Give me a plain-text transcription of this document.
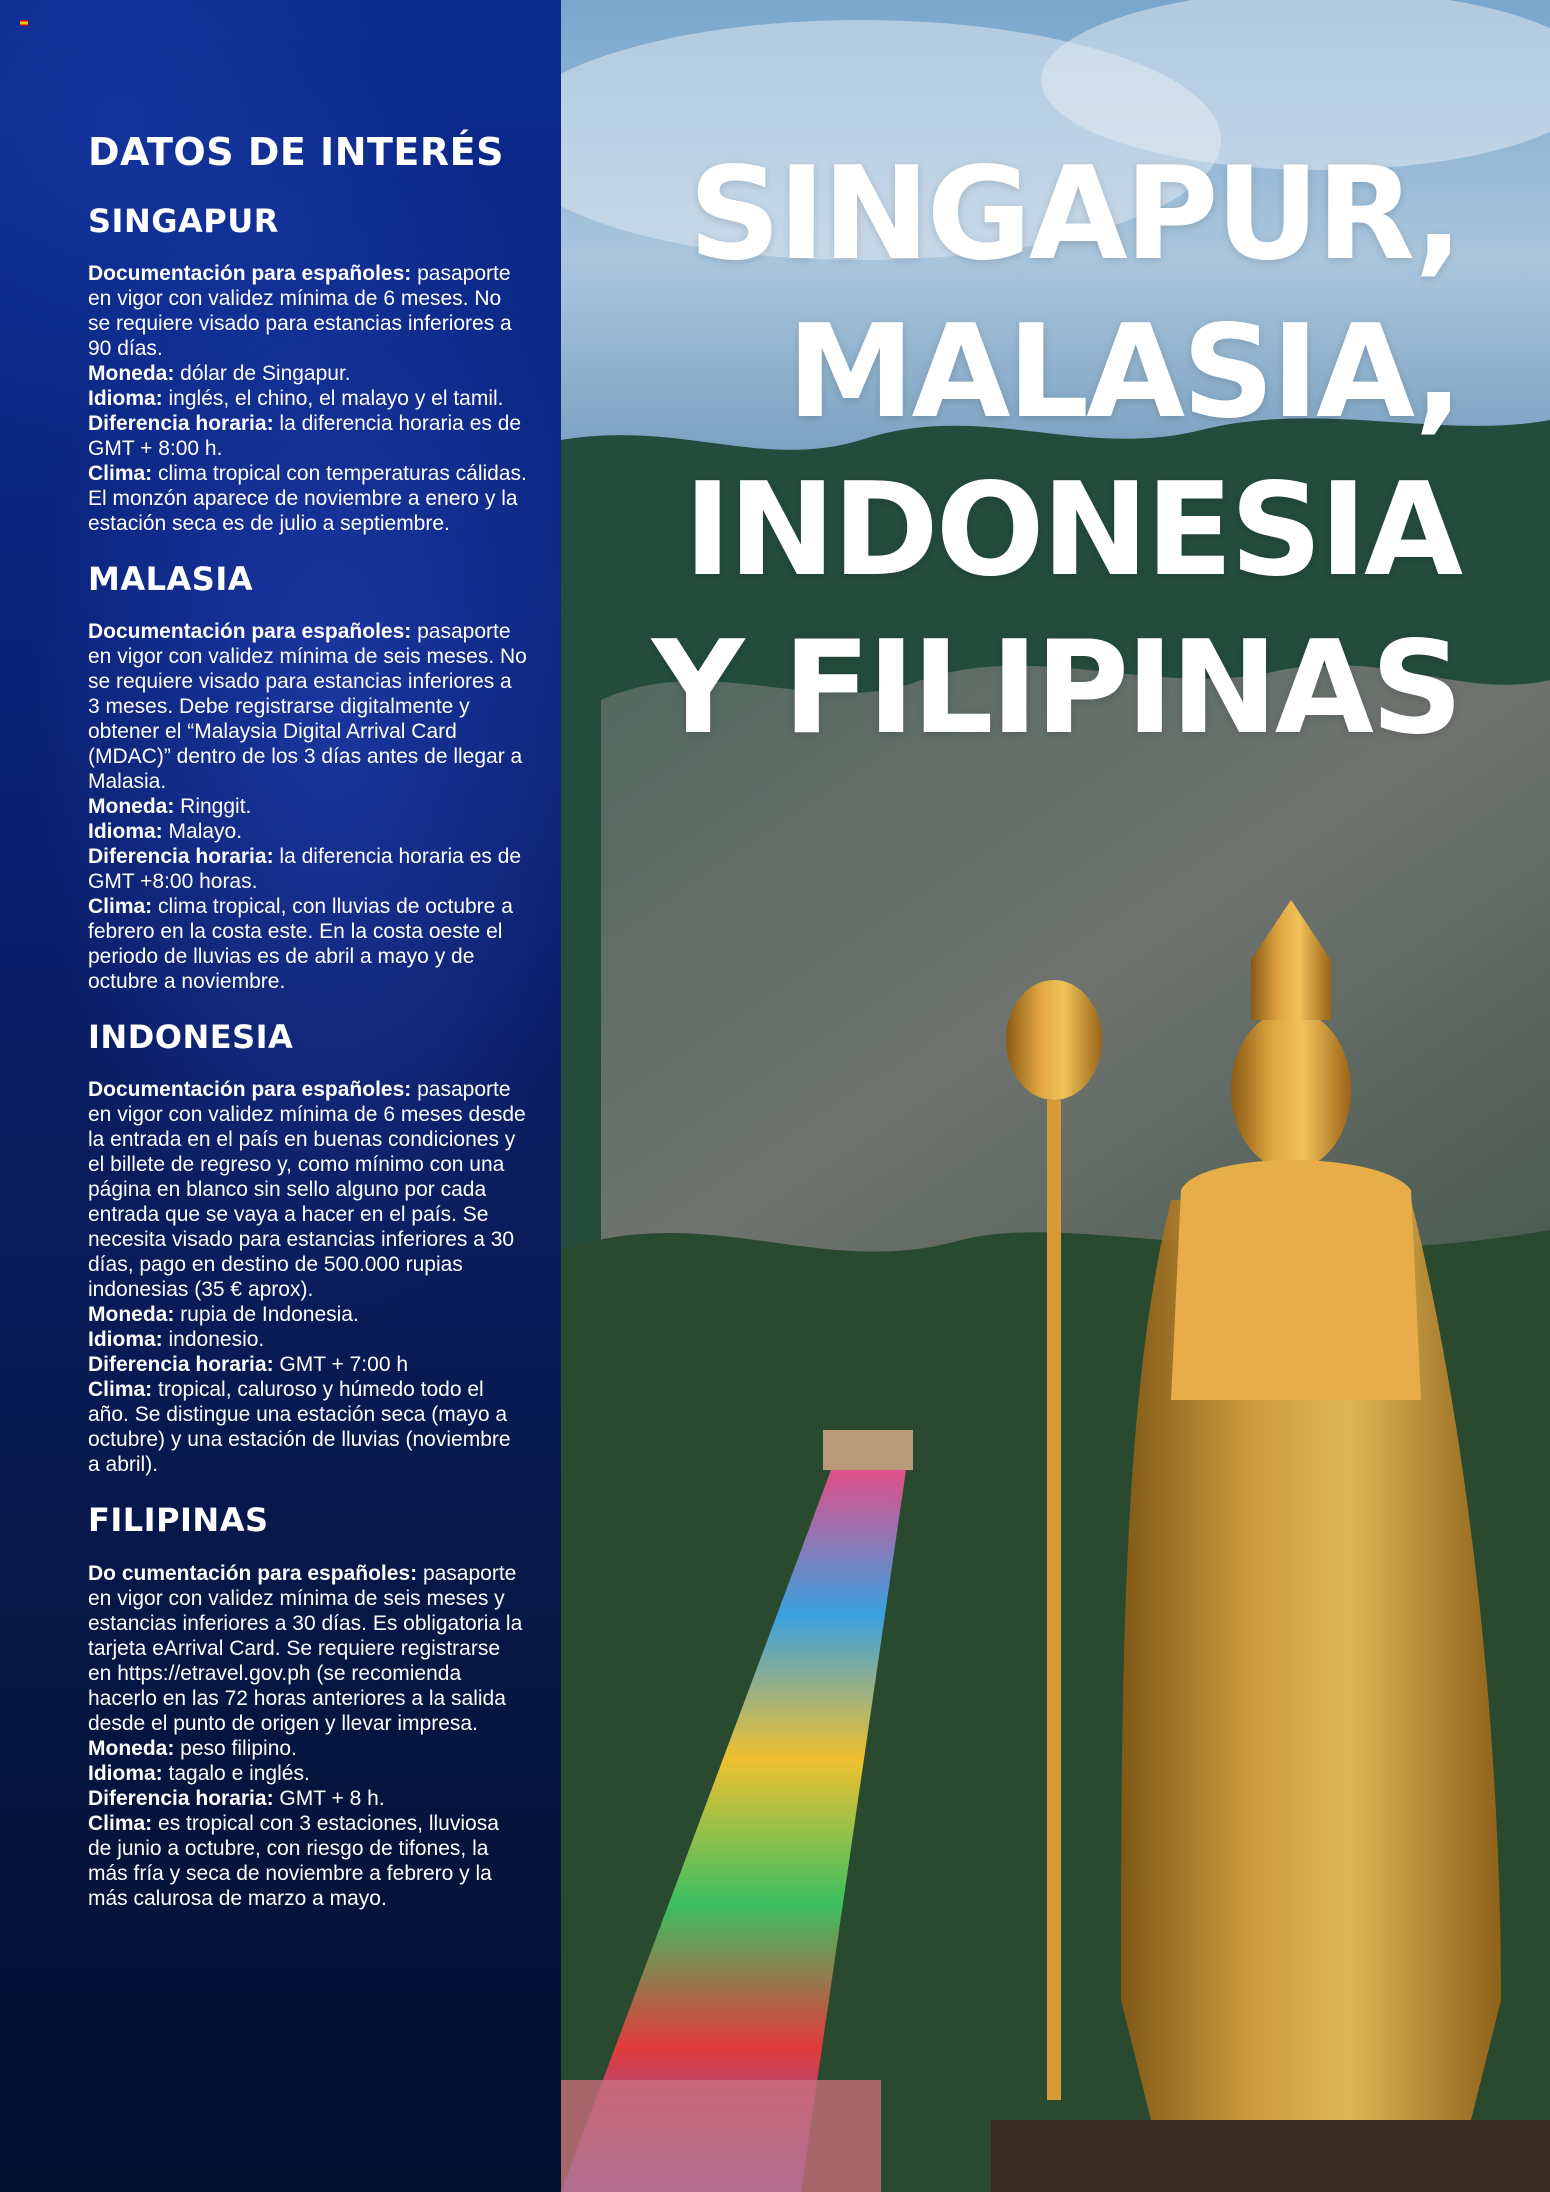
DATOS DE INTERÉS
SINGAPUR

Documentación para españoles: pasaporte en vigor con validez mínima de 6 meses. No se requiere visado para estancias inferiores a 90 días.

Moneda: dólar de Singapur.

Idioma: inglés, el chino, el malayo y el tamil.

Diferencia horaria: la diferencia horaria es de GMT + 8:00 h.

Clima: clima tropical con temperaturas cálidas. El monzón aparece de noviembre a enero y la estación seca es de julio a septiembre.

MALASIA

Documentación para españoles: pasaporte en vigor con validez mínima de seis meses. No se requiere visado para estancias inferiores a 3 meses. Debe registrarse digitalmente y obtener el “Malaysia Digital Arrival Card (MDAC)” dentro de los 3 días antes de llegar a Malasia.

Moneda: Ringgit.

Idioma: Malayo.

Diferencia horaria: la diferencia horaria es de GMT +8:00 horas.

Clima: clima tropical, con lluvias de octubre a febrero en la costa este. En la costa oeste el periodo de lluvias es de abril a mayo y de octubre a noviembre.

INDONESIA

Documentación para españoles: pasaporte en vigor con validez mínima de 6 meses desde la entrada en el país en buenas condiciones y el billete de regreso y, como mínimo con una página en blanco sin sello alguno por cada entrada que se vaya a hacer en el país. Se necesita visado para estancias inferiores a 30 días, pago en destino de 500.000 rupias indonesias (35 € aprox).

Moneda: rupia de Indonesia.

Idioma: indonesio.

Diferencia horaria: GMT + 7:00 h

Clima: tropical, caluroso y húmedo todo el año. Se distingue una estación seca (mayo a octubre) y una estación de lluvias (noviembre a abril).

FILIPINAS

Do cumentación para españoles: pasaporte en vigor con validez mínima de seis meses y estancias inferiores a 30 días. Es obligatoria la tarjeta eArrival Card. Se requiere registrarse en https://etravel.gov.ph (se recomienda hacerlo en las 72 horas anteriores a la salida desde el punto de origen y llevar impresa.

Moneda: peso filipino.

Idioma: tagalo e inglés.

Diferencia horaria: GMT + 8 h.

Clima: es tropical con 3 estaciones, lluviosa de junio a octubre, con riesgo de tifones, la más fría y seca de noviembre a febrero y la más calurosa de marzo a mayo.

SINGAPUR,
MALASIA,
INDONESIA
Y FILIPINAS
